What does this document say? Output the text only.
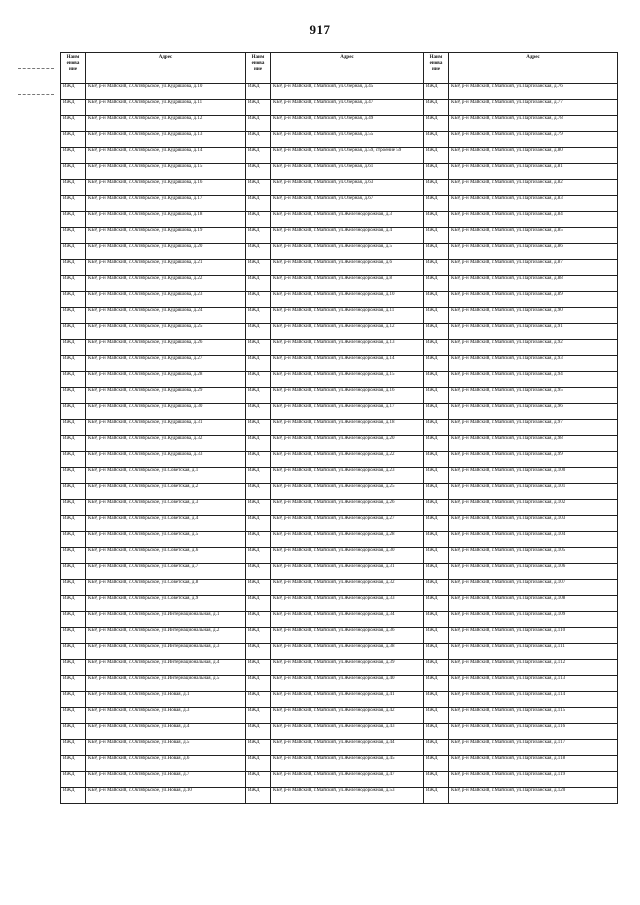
917
Наим енова ние	Адрес	Наим енова ние	Адрес	Наим енова ние	Адрес
ИЖД	КБР, р-н Майский, с.Октябрьское, ул.Кудряшова, д.10	ИЖД	КБР, р-н Майский, г.Майский, ул.Озерная, д.45	ИЖД	КБР, р-н Майский, г.Майский, ул.Партизанская, д.76
ИЖД	КБР, р-н Майский, с.Октябрьское, ул.Кудряшова, д.11	ИЖД	КБР, р-н Майский, г.Майский, ул.Озерная, д.47	ИЖД	КБР, р-н Майский, г.Майский, ул.Партизанская, д.77
ИЖД	КБР, р-н Майский, с.Октябрьское, ул.Кудряшова, д.12	ИЖД	КБР, р-н Майский, г.Майский, ул.Озерная, д.49	ИЖД	КБР, р-н Майский, г.Майский, ул.Партизанская, д.78
ИЖД	КБР, р-н Майский, с.Октябрьское, ул.Кудряшова, д.13	ИЖД	КБР, р-н Майский, г.Майский, ул.Озерная, д.55	ИЖД	КБР, р-н Майский, г.Майский, ул.Партизанская, д.79
ИЖД	КБР, р-н Майский, с.Октябрьское, ул.Кудряшова, д.14	ИЖД	КБР, р-н Майский, г.Майский, ул.Озерная, д.59, строение 59	ИЖД	КБР, р-н Майский, г.Майский, ул.Партизанская, д.80
ИЖД	КБР, р-н Майский, с.Октябрьское, ул.Кудряшова, д.15	ИЖД	КБР, р-н Майский, г.Майский, ул.Озерная, д.61	ИЖД	КБР, р-н Майский, г.Майский, ул.Партизанская, д.81
ИЖД	КБР, р-н Майский, с.Октябрьское, ул.Кудряшова, д.16	ИЖД	КБР, р-н Майский, г.Майский, ул.Озерная, д.63	ИЖД	КБР, р-н Майский, г.Майский, ул.Партизанская, д.82
ИЖД	КБР, р-н Майский, с.Октябрьское, ул.Кудряшова, д.17	ИЖД	КБР, р-н Майский, г.Майский, ул.Озерная, д.67	ИЖД	КБР, р-н Майский, г.Майский, ул.Партизанская, д.83
ИЖД	КБР, р-н Майский, с.Октябрьское, ул.Кудряшова, д.18	ИЖД	КБР, р-н Майский, г.Майский, ул.Железнодорожная, д.3	ИЖД	КБР, р-н Майский, г.Майский, ул.Партизанская, д.84
ИЖД	КБР, р-н Майский, с.Октябрьское, ул.Кудряшова, д.19	ИЖД	КБР, р-н Майский, г.Майский, ул.Железнодорожная, д.4	ИЖД	КБР, р-н Майский, г.Майский, ул.Партизанская, д.85
ИЖД	КБР, р-н Майский, с.Октябрьское, ул.Кудряшова, д.20	ИЖД	КБР, р-н Майский, г.Майский, ул.Железнодорожная, д.5	ИЖД	КБР, р-н Майский, г.Майский, ул.Партизанская, д.86
ИЖД	КБР, р-н Майский, с.Октябрьское, ул.Кудряшова, д.21	ИЖД	КБР, р-н Майский, г.Майский, ул.Железнодорожная, д.6	ИЖД	КБР, р-н Майский, г.Майский, ул.Партизанская, д.87
ИЖД	КБР, р-н Майский, с.Октябрьское, ул.Кудряшова, д.22	ИЖД	КБР, р-н Майский, г.Майский, ул.Железнодорожная, д.8	ИЖД	КБР, р-н Майский, г.Майский, ул.Партизанская, д.88
ИЖД	КБР, р-н Майский, с.Октябрьское, ул.Кудряшова, д.23	ИЖД	КБР, р-н Майский, г.Майский, ул.Железнодорожная, д.10	ИЖД	КБР, р-н Майский, г.Майский, ул.Партизанская, д.89
ИЖД	КБР, р-н Майский, с.Октябрьское, ул.Кудряшова, д.24	ИЖД	КБР, р-н Майский, г.Майский, ул.Железнодорожная, д.11	ИЖД	КБР, р-н Майский, г.Майский, ул.Партизанская, д.90
ИЖД	КБР, р-н Майский, с.Октябрьское, ул.Кудряшова, д.25	ИЖД	КБР, р-н Майский, г.Майский, ул.Железнодорожная, д.12	ИЖД	КБР, р-н Майский, г.Майский, ул.Партизанская, д.91
ИЖД	КБР, р-н Майский, с.Октябрьское, ул.Кудряшова, д.26	ИЖД	КБР, р-н Майский, г.Майский, ул.Железнодорожная, д.13	ИЖД	КБР, р-н Майский, г.Майский, ул.Партизанская, д.92
ИЖД	КБР, р-н Майский, с.Октябрьское, ул.Кудряшова, д.27	ИЖД	КБР, р-н Майский, г.Майский, ул.Железнодорожная, д.14	ИЖД	КБР, р-н Майский, г.Майский, ул.Партизанская, д.93
ИЖД	КБР, р-н Майский, с.Октябрьское, ул.Кудряшова, д.28	ИЖД	КБР, р-н Майский, г.Майский, ул.Железнодорожная, д.15	ИЖД	КБР, р-н Майский, г.Майский, ул.Партизанская, д.94
ИЖД	КБР, р-н Майский, с.Октябрьское, ул.Кудряшова, д.29	ИЖД	КБР, р-н Майский, г.Майский, ул.Железнодорожная, д.16	ИЖД	КБР, р-н Майский, г.Майский, ул.Партизанская, д.95
ИЖД	КБР, р-н Майский, с.Октябрьское, ул.Кудряшова, д.30	ИЖД	КБР, р-н Майский, г.Майский, ул.Железнодорожная, д.17	ИЖД	КБР, р-н Майский, г.Майский, ул.Партизанская, д.96
ИЖД	КБР, р-н Майский, с.Октябрьское, ул.Кудряшова, д.31	ИЖД	КБР, р-н Майский, г.Майский, ул.Железнодорожная, д.18	ИЖД	КБР, р-н Майский, г.Майский, ул.Партизанская, д.97
ИЖД	КБР, р-н Майский, с.Октябрьское, ул.Кудряшова, д.32	ИЖД	КБР, р-н Майский, г.Майский, ул.Железнодорожная, д.20	ИЖД	КБР, р-н Майский, г.Майский, ул.Партизанская, д.98
ИЖД	КБР, р-н Майский, с.Октябрьское, ул.Кудряшова, д.33	ИЖД	КБР, р-н Майский, г.Майский, ул.Железнодорожная, д.22	ИЖД	КБР, р-н Майский, г.Майский, ул.Партизанская, д.99
ИЖД	КБР, р-н Майский, с.Октябрьское, ул.Советская, д.1	ИЖД	КБР, р-н Майский, г.Майский, ул.Железнодорожная, д.23	ИЖД	КБР, р-н Майский, г.Майский, ул.Партизанская, д.100
ИЖД	КБР, р-н Майский, с.Октябрьское, ул.Советская, д.2	ИЖД	КБР, р-н Майский, г.Майский, ул.Железнодорожная, д.25	ИЖД	КБР, р-н Майский, г.Майский, ул.Партизанская, д.101
ИЖД	КБР, р-н Майский, с.Октябрьское, ул.Советская, д.3	ИЖД	КБР, р-н Майский, г.Майский, ул.Железнодорожная, д.26	ИЖД	КБР, р-н Майский, г.Майский, ул.Партизанская, д.102
ИЖД	КБР, р-н Майский, с.Октябрьское, ул.Советская, д.4	ИЖД	КБР, р-н Майский, г.Майский, ул.Железнодорожная, д.27	ИЖД	КБР, р-н Майский, г.Майский, ул.Партизанская, д.103
ИЖД	КБР, р-н Майский, с.Октябрьское, ул.Советская, д.5	ИЖД	КБР, р-н Майский, г.Майский, ул.Железнодорожная, д.28	ИЖД	КБР, р-н Майский, г.Майский, ул.Партизанская, д.104
ИЖД	КБР, р-н Майский, с.Октябрьское, ул.Советская, д.6	ИЖД	КБР, р-н Майский, г.Майский, ул.Железнодорожная, д.30	ИЖД	КБР, р-н Майский, г.Майский, ул.Партизанская, д.105
ИЖД	КБР, р-н Майский, с.Октябрьское, ул.Советская, д.7	ИЖД	КБР, р-н Майский, г.Майский, ул.Железнодорожная, д.31	ИЖД	КБР, р-н Майский, г.Майский, ул.Партизанская, д.106
ИЖД	КБР, р-н Майский, с.Октябрьское, ул.Советская, д.8	ИЖД	КБР, р-н Майский, г.Майский, ул.Железнодорожная, д.32	ИЖД	КБР, р-н Майский, г.Майский, ул.Партизанская, д.107
ИЖД	КБР, р-н Майский, с.Октябрьское, ул.Советская, д.9	ИЖД	КБР, р-н Майский, г.Майский, ул.Железнодорожная, д.33	ИЖД	КБР, р-н Майский, г.Майский, ул.Партизанская, д.108
ИЖД	КБР, р-н Майский, с.Октябрьское, ул.Интернациональная, д.1	ИЖД	КБР, р-н Майский, г.Майский, ул.Железнодорожная, д.34	ИЖД	КБР, р-н Майский, г.Майский, ул.Партизанская, д.109
ИЖД	КБР, р-н Майский, с.Октябрьское, ул.Интернациональная, д.2	ИЖД	КБР, р-н Майский, г.Майский, ул.Железнодорожная, д.36	ИЖД	КБР, р-н Майский, г.Майский, ул.Партизанская, д.110
ИЖД	КБР, р-н Майский, с.Октябрьское, ул.Интернациональная, д.3	ИЖД	КБР, р-н Майский, г.Майский, ул.Железнодорожная, д.38	ИЖД	КБР, р-н Майский, г.Майский, ул.Партизанская, д.111
ИЖД	КБР, р-н Майский, с.Октябрьское, ул.Интернациональная, д.4	ИЖД	КБР, р-н Майский, г.Майский, ул.Железнодорожная, д.39	ИЖД	КБР, р-н Майский, г.Майский, ул.Партизанская, д.112
ИЖД	КБР, р-н Майский, с.Октябрьское, ул.Интернациональная, д.5	ИЖД	КБР, р-н Майский, г.Майский, ул.Железнодорожная, д.40	ИЖД	КБР, р-н Майский, г.Майский, ул.Партизанская, д.113
ИЖД	КБР, р-н Майский, с.Октябрьское, ул.Новая, д.1	ИЖД	КБР, р-н Майский, г.Майский, ул.Железнодорожная, д.41	ИЖД	КБР, р-н Майский, г.Майский, ул.Партизанская, д.114
ИЖД	КБР, р-н Майский, с.Октябрьское, ул.Новая, д.3	ИЖД	КБР, р-н Майский, г.Майский, ул.Железнодорожная, д.42	ИЖД	КБР, р-н Майский, г.Майский, ул.Партизанская, д.115
ИЖД	КБР, р-н Майский, с.Октябрьское, ул.Новая, д.4	ИЖД	КБР, р-н Майский, г.Майский, ул.Железнодорожная, д.43	ИЖД	КБР, р-н Майский, г.Майский, ул.Партизанская, д.116
ИЖД	КБР, р-н Майский, с.Октябрьское, ул.Новая, д.5	ИЖД	КБР, р-н Майский, г.Майский, ул.Железнодорожная, д.44	ИЖД	КБР, р-н Майский, г.Майский, ул.Партизанская, д.117
ИЖД	КБР, р-н Майский, с.Октябрьское, ул.Новая, д.6	ИЖД	КБР, р-н Майский, г.Майский, ул.Железнодорожная, д.45	ИЖД	КБР, р-н Майский, г.Майский, ул.Партизанская, д.118
ИЖД	КБР, р-н Майский, с.Октябрьское, ул.Новая, д.7	ИЖД	КБР, р-н Майский, г.Майский, ул.Железнодорожная, д.47	ИЖД	КБР, р-н Майский, г.Майский, ул.Партизанская, д.119
ИЖД	КБР, р-н Майский, с.Октябрьское, ул.Новая, д.10	ИЖД	КБР, р-н Майский, г.Майский, ул.Железнодорожная, д.53	ИЖД	КБР, р-н Майский, г.Майский, ул.Партизанская, д.120
